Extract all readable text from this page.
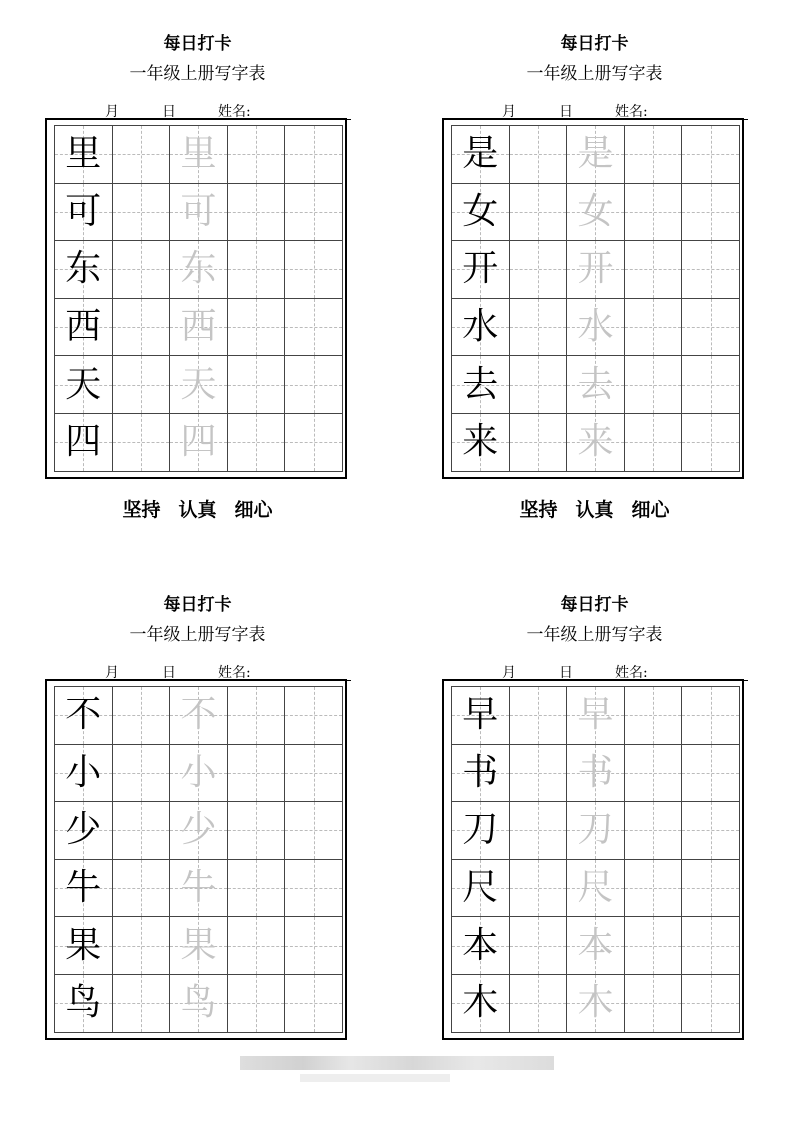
每日打卡
一年级上册写字表
月	日	姓名:
里 里
可 可
东 东
西 西
天 天
四 四
坚持 认真 细心
每日打卡
一年级上册写字表
月	日	姓名:
是 是
女 女
开 开
水 水
去 去
来 来
坚持 认真 细心
每日打卡
一年级上册写字表
月	日	姓名:
不 不
小 小
少 少
牛 牛
果 果
鸟 鸟
每日打卡
一年级上册写字表
月	日	姓名:
早 早
书 书
刀 刀
尺 尺
本 本
木 木
